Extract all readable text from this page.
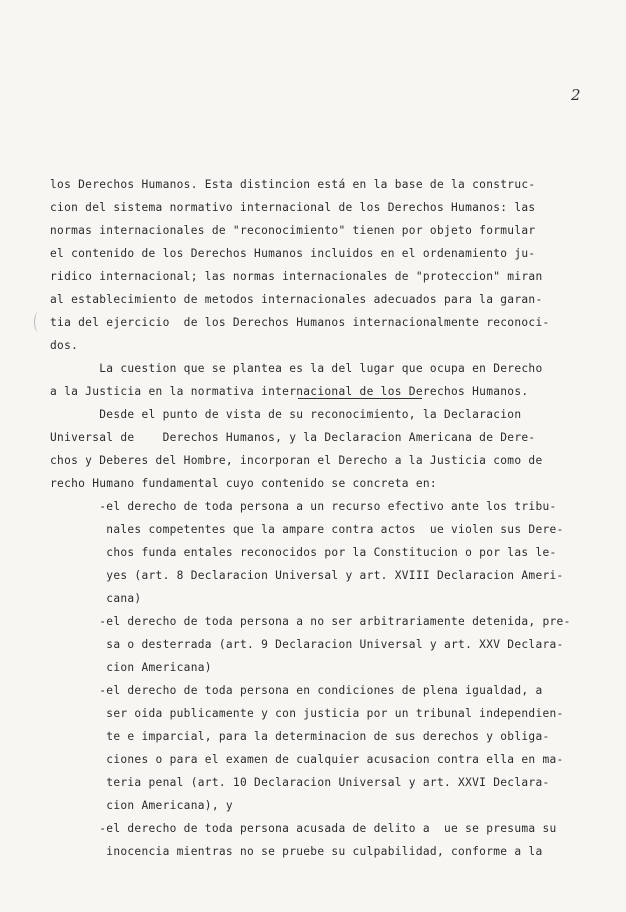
2

los Derechos Humanos. Esta distincion está en la base de la construc-

cion del sistema normativo internacional de los Derechos Humanos: las

normas internacionales de "reconocimiento" tienen por objeto formular

el contenido de los Derechos Humanos incluidos en el ordenamiento ju-

ridico internacional; las normas internacionales de "proteccion" miran

al establecimiento de metodos internacionales adecuados para la garan-

tia del ejercicio  de los Derechos Humanos internacionalmente reconoci-

dos.

La cuestion que se plantea es la del lugar que ocupa en Derecho

a la Justicia en la normativa internacional de los Derechos Humanos.

Desde el punto de vista de su reconocimiento, la Declaracion

Universal de    Derechos Humanos, y la Declaracion Americana de Dere-

chos y Deberes del Hombre, incorporan el Derecho a la Justicia como de

recho Humano fundamental cuyo contenido se concreta en:

-el derecho de toda persona a un recurso efectivo ante los tribu-

nales competentes que la ampare contra actos  ue violen sus Dere-

chos funda entales reconocidos por la Constitucion o por las le-

yes (art. 8 Declaracion Universal y art. XVIII Declaracion Ameri-

cana)

-el derecho de toda persona a no ser arbitrariamente detenida, pre-

sa o desterrada (art. 9 Declaracion Universal y art. XXV Declara-

cion Americana)

-el derecho de toda persona en condiciones de plena igualdad, a

ser oida publicamente y con justicia por un tribunal independien-

te e imparcial, para la determinacion de sus derechos y obliga-

ciones o para el examen de cualquier acusacion contra ella en ma-

teria penal (art. 10 Declaracion Universal y art. XXVI Declara-

cion Americana), y

-el derecho de toda persona acusada de delito a  ue se presuma su

inocencia mientras no se pruebe su culpabilidad, conforme a la
